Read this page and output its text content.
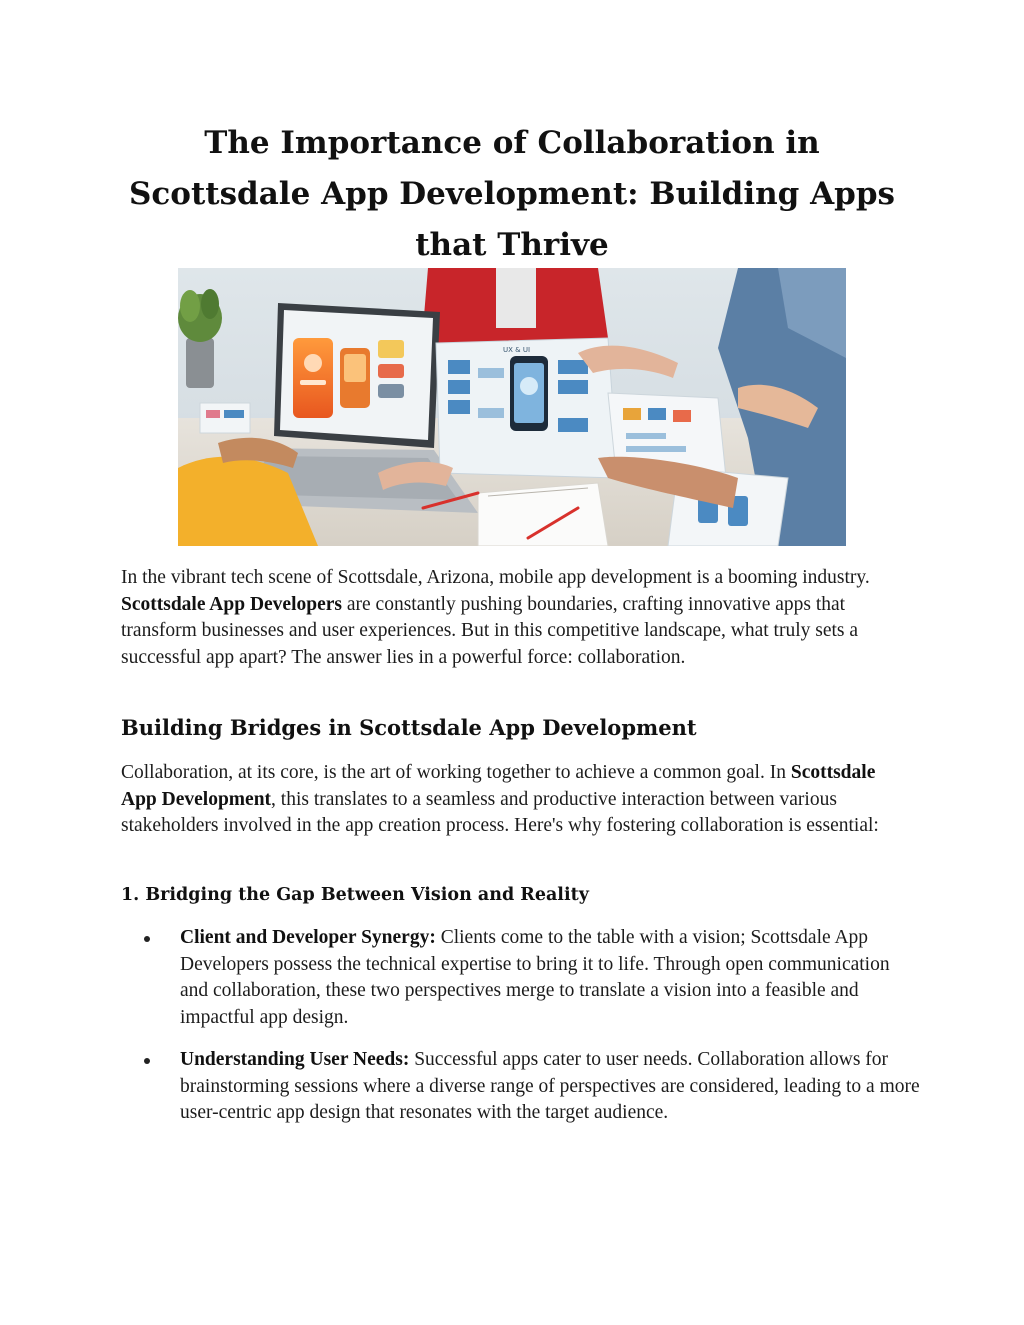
The Importance of Collaboration in Scottsdale App Development: Building Apps that Thrive
UX & UI

In the vibrant tech scene of Scottsdale, Arizona, mobile app development is a booming industry. Scottsdale App Developers are constantly pushing boundaries, crafting innovative apps that transform businesses and user experiences. But in this competitive landscape, what truly sets a successful app apart? The answer lies in a powerful force: collaboration.

Building Bridges in Scottsdale App Development

Collaboration, at its core, is the art of working together to achieve a common goal. In Scottsdale App Development, this translates to a seamless and productive interaction between various stakeholders involved in the app creation process. Here's why fostering collaboration is essential:

1. Bridging the Gap Between Vision and Reality
Client and Developer Synergy: Clients come to the table with a vision; Scottsdale App Developers possess the technical expertise to bring it to life. Through open communication and collaboration, these two perspectives merge to translate a vision into a feasible and impactful app design.
Understanding User Needs: Successful apps cater to user needs. Collaboration allows for brainstorming sessions where a diverse range of perspectives are considered, leading to a more user-centric app design that resonates with the target audience.
